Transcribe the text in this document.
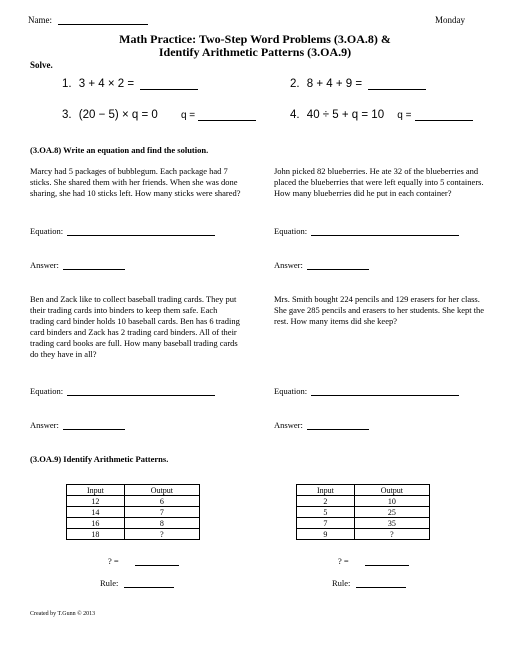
Name:	Monday
Math Practice: Two-Step Word Problems (3.OA.8) &
Identify Arithmetic Patterns (3.OA.9)
Solve.
1. 3 + 4 × 2 =	2. 8 + 4 + 9 =
3. (20 − 5) × q = 0 q =	4. 40 ÷ 5 + q = 10 q =
(3.OA.8) Write an equation and find the solution.
Marcy had 5 packages of bubblegum. Each package had 7 sticks. She shared them with her friends. When she was done sharing, she had 10 sticks left. How many sticks were shared?
John picked 82 blueberries. He ate 32 of the blueberries and placed the blueberries that were left equally into 5 containers. How many blueberries did he put in each container?
Equation:	Equation:
Answer:	Answer:
Ben and Zack like to collect baseball trading cards. They put their trading cards into binders to keep them safe. Each trading card binder holds 10 baseball cards. Ben has 6 trading card binders and Zack has 2 trading card binders. All of their trading card books are full. How many baseball trading cards do they have in all?
Mrs. Smith bought 224 pencils and 129 erasers for her class. She gave 285 pencils and erasers to her students. She kept the rest. How many items did she keep?
Equation:	Equation:
Answer:	Answer:
(3.OA.9) Identify Arithmetic Patterns.
Input	Output
12	6
14	7
16	8
18	?
Input	Output
2	10
5	25
7	35
9	?
? =	? =
Rule:	Rule:
Created by T.Gunn © 2013
